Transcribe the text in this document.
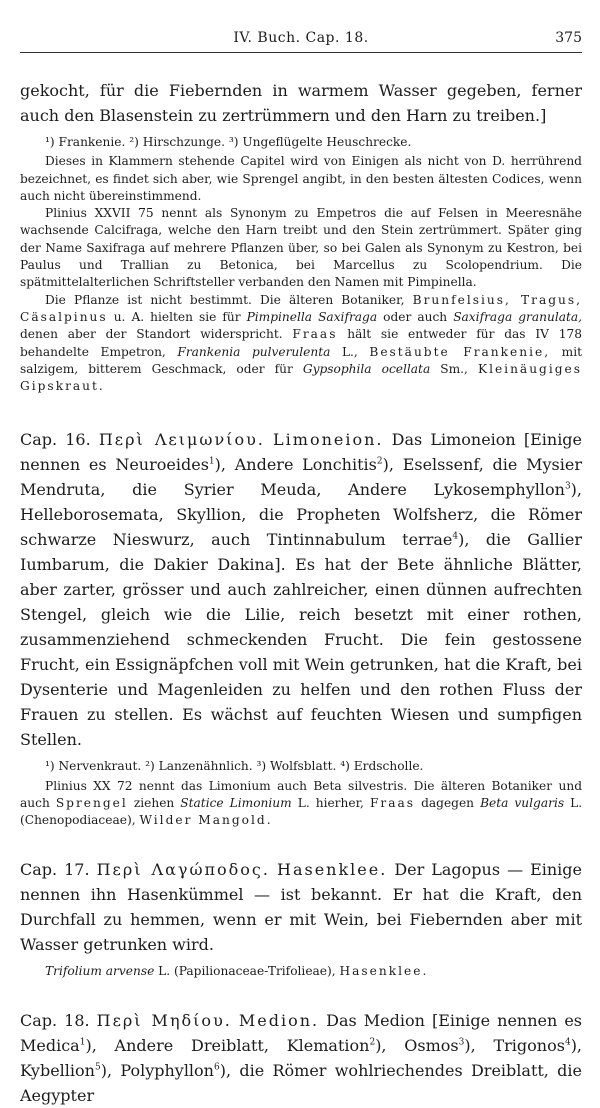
IV. Buch. Cap. 18.	375

gekocht, für die Fiebernden in warmem Wasser gegeben, ferner auch den Blasenstein zu zertrümmern und den Harn zu treiben.]

¹) Frankenie. ²) Hirschzunge. ³) Ungeflügelte Heuschrecke.

Dieses in Klammern stehende Capitel wird von Einigen als nicht von D. herrührend bezeichnet, es findet sich aber, wie Sprengel angibt, in den besten ältesten Codices, wenn auch nicht übereinstimmend.

Plinius XXVII 75 nennt als Synonym zu Empetros die auf Felsen in Meeresnähe wachsende Calcifraga, welche den Harn treibt und den Stein zertrümmert. Später ging der Name Saxifraga auf mehrere Pflanzen über, so bei Galen als Synonym zu Kestron, bei Paulus und Trallian zu Betonica, bei Marcellus zu Scolopendrium. Die spätmittelalterlichen Schriftsteller verbanden den Namen mit Pimpinella.

Die Pflanze ist nicht bestimmt. Die älteren Botaniker, Brunfelsius, Tragus, Cäsalpinus u. A. hielten sie für Pimpinella Saxifraga oder auch Saxifraga granulata, denen aber der Standort widerspricht. Fraas hält sie entweder für das IV 178 behandelte Empetron, Frankenia pulverulenta L., Bestäubte Frankenie, mit salzigem, bitterem Geschmack, oder für Gypsophila ocellata Sm., Kleinäugiges Gipskraut.

Cap. 16. Περὶ Λειμωνίου. Limoneion. Das Limoneion [Einige nennen es Neuroeides$^1$), Andere Lonchitis$^2$), Eselssenf, die Mysier Mendruta, die Syrier Meuda, Andere Lykosemphyllon$^3$), Helleborosemata, Skyllion, die Propheten Wolfsherz, die Römer schwarze Nieswurz, auch Tintinnabulum terrae$^4$), die Gallier Iumbarum, die Dakier Dakina]. Es hat der Bete ähnliche Blätter, aber zarter, grösser und auch zahlreicher, einen dünnen aufrechten Stengel, gleich wie die Lilie, reich besetzt mit einer rothen, zusammenziehend schmeckenden Frucht. Die fein gestossene Frucht, ein Essignäpfchen voll mit Wein getrunken, hat die Kraft, bei Dysenterie und Magenleiden zu helfen und den rothen Fluss der Frauen zu stellen. Es wächst auf feuchten Wiesen und sumpfigen Stellen.

¹) Nervenkraut. ²) Lanzenähnlich. ³) Wolfsblatt. ⁴) Erdscholle.

Plinius XX 72 nennt das Limonium auch Beta silvestris. Die älteren Botaniker und auch Sprengel ziehen Statice Limonium L. hierher, Fraas dagegen Beta vulgaris L. (Chenopodiaceae), Wilder Mangold.

Cap. 17. Περὶ Λαγώποδος. Hasenklee. Der Lagopus — Einige nennen ihn Hasenkümmel — ist bekannt. Er hat die Kraft, den Durchfall zu hemmen, wenn er mit Wein, bei Fiebernden aber mit Wasser getrunken wird.

Trifolium arvense L. (Papilionaceae-Trifolieae), Hasenklee.

Cap. 18. Περὶ Μηδίου. Medion. Das Medion [Einige nennen es Medica$^1$), Andere Dreiblatt, Klemation$^2$), Osmos$^3$), Trigonos$^4$), Kybellion$^5$), Polyphyllon$^6$), die Römer wohlriechendes Dreiblatt, die Aegypter
